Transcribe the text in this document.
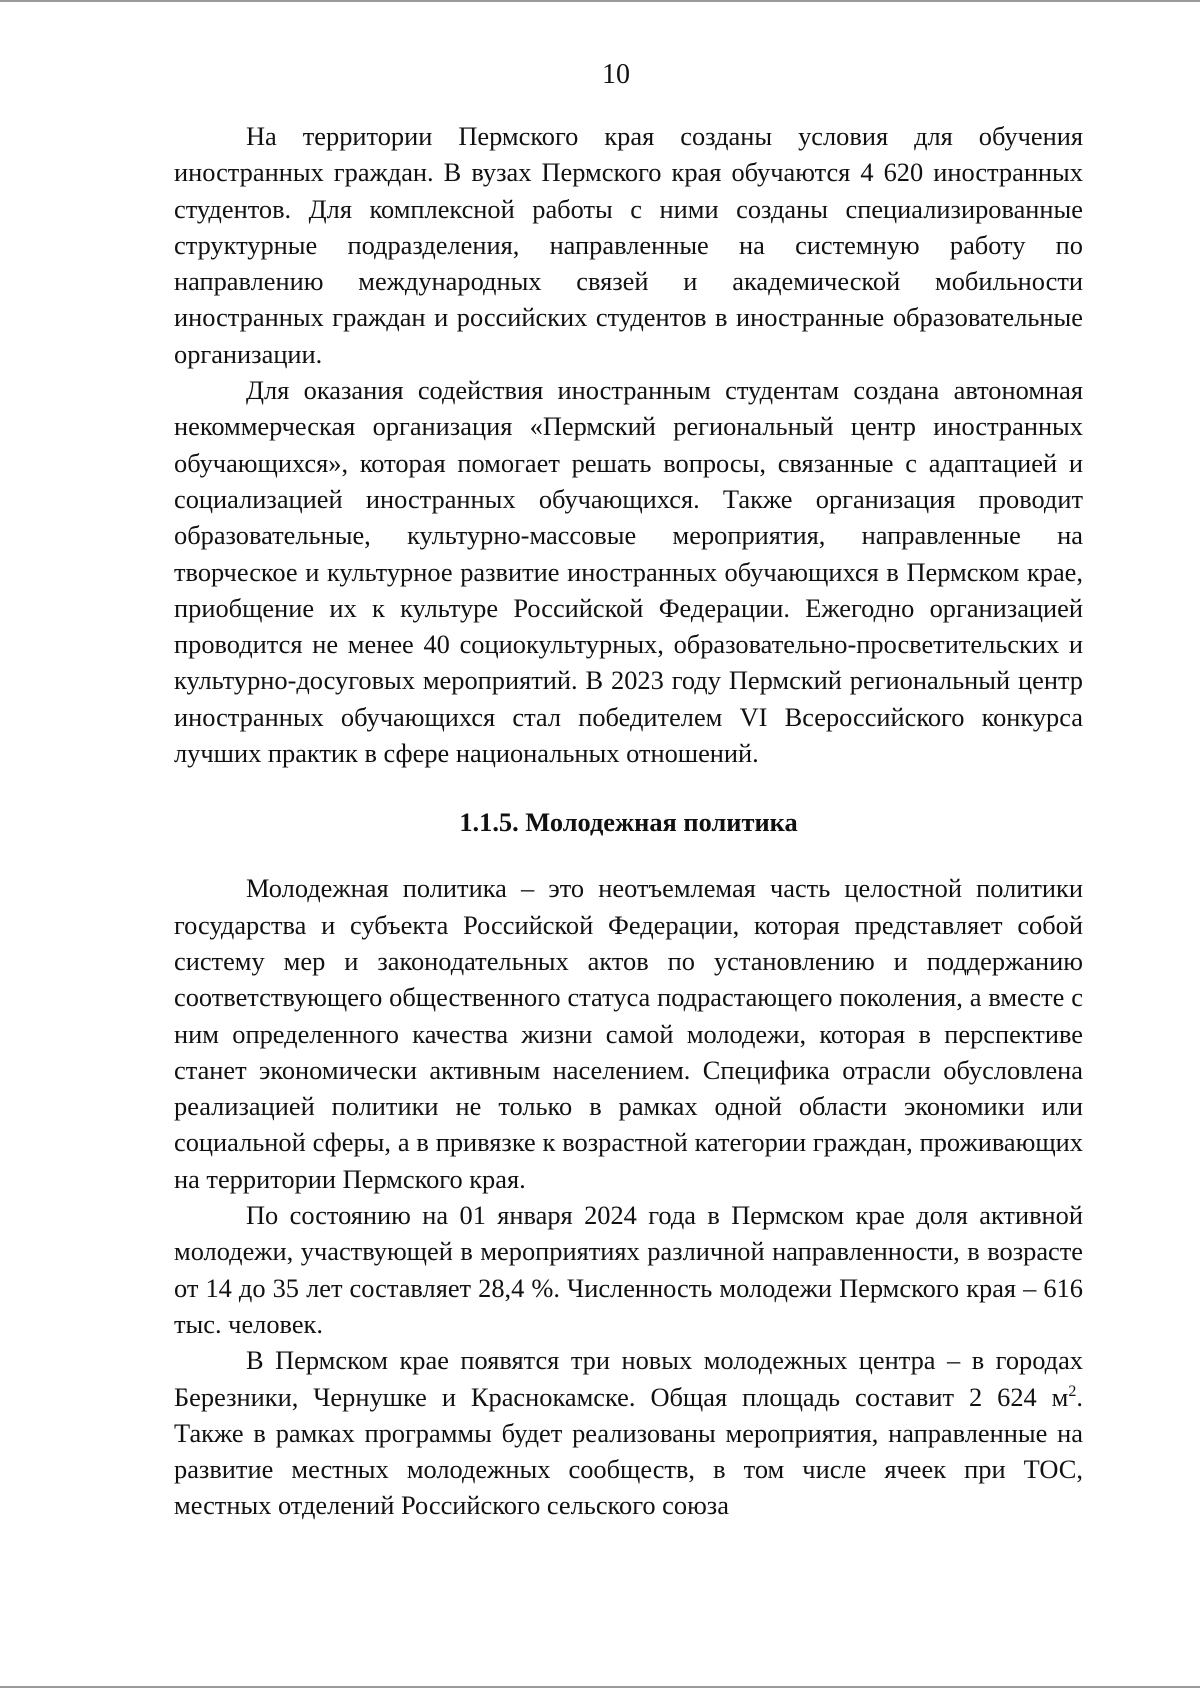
10

На территории Пермского края созданы условия для обучения иностранных граждан. В вузах Пермского края обучаются 4 620 иностранных студентов. Для комплексной работы с ними созданы специализированные структурные подразделения, направленные на системную работу по направлению международных связей и академической мобильности иностранных граждан и российских студентов в иностранные образовательные организации.

Для оказания содействия иностранным студентам создана автономная некоммерческая организация «Пермский региональный центр иностранных обучающихся», которая помогает решать вопросы, связанные с адаптацией и социализацией иностранных обучающихся. Также организация проводит образовательные, культурно-массовые мероприятия, направленные на творческое и культурное развитие иностранных обучающихся в Пермском крае, приобщение их к культуре Российской Федерации. Ежегодно организацией проводится не менее 40 социокультурных, образовательно-просветительских и культурно-досуговых мероприятий. В 2023 году Пермский региональный центр иностранных обучающихся стал победителем VI Всероссийского конкурса лучших практик в сфере национальных отношений.

1.1.5. Молодежная политика

Молодежная политика – это неотъемлемая часть целостной политики государства и субъекта Российской Федерации, которая представляет собой систему мер и законодательных актов по установлению и поддержанию соответствующего общественного статуса подрастающего поколения, а вместе с ним определенного качества жизни самой молодежи, которая в перспективе станет экономически активным населением. Специфика отрасли обусловлена реализацией политики не только в рамках одной области экономики или социальной сферы, а в привязке к возрастной категории граждан, проживающих на территории Пермского края.

По состоянию на 01 января 2024 года в Пермском крае доля активной молодежи, участвующей в мероприятиях различной направленности, в возрасте от 14 до 35 лет составляет 28,4 %. Численность молодежи Пермского края – 616 тыс. человек.

В Пермском крае появятся три новых молодежных центра – в городах Березники, Чернушке и Краснокамске. Общая площадь составит 2 624 $м^2$. Также в рамках программы будет реализованы мероприятия, направленные на развитие местных молодежных сообществ, в том числе ячеек при ТОС, местных отделений Российского сельского союза
